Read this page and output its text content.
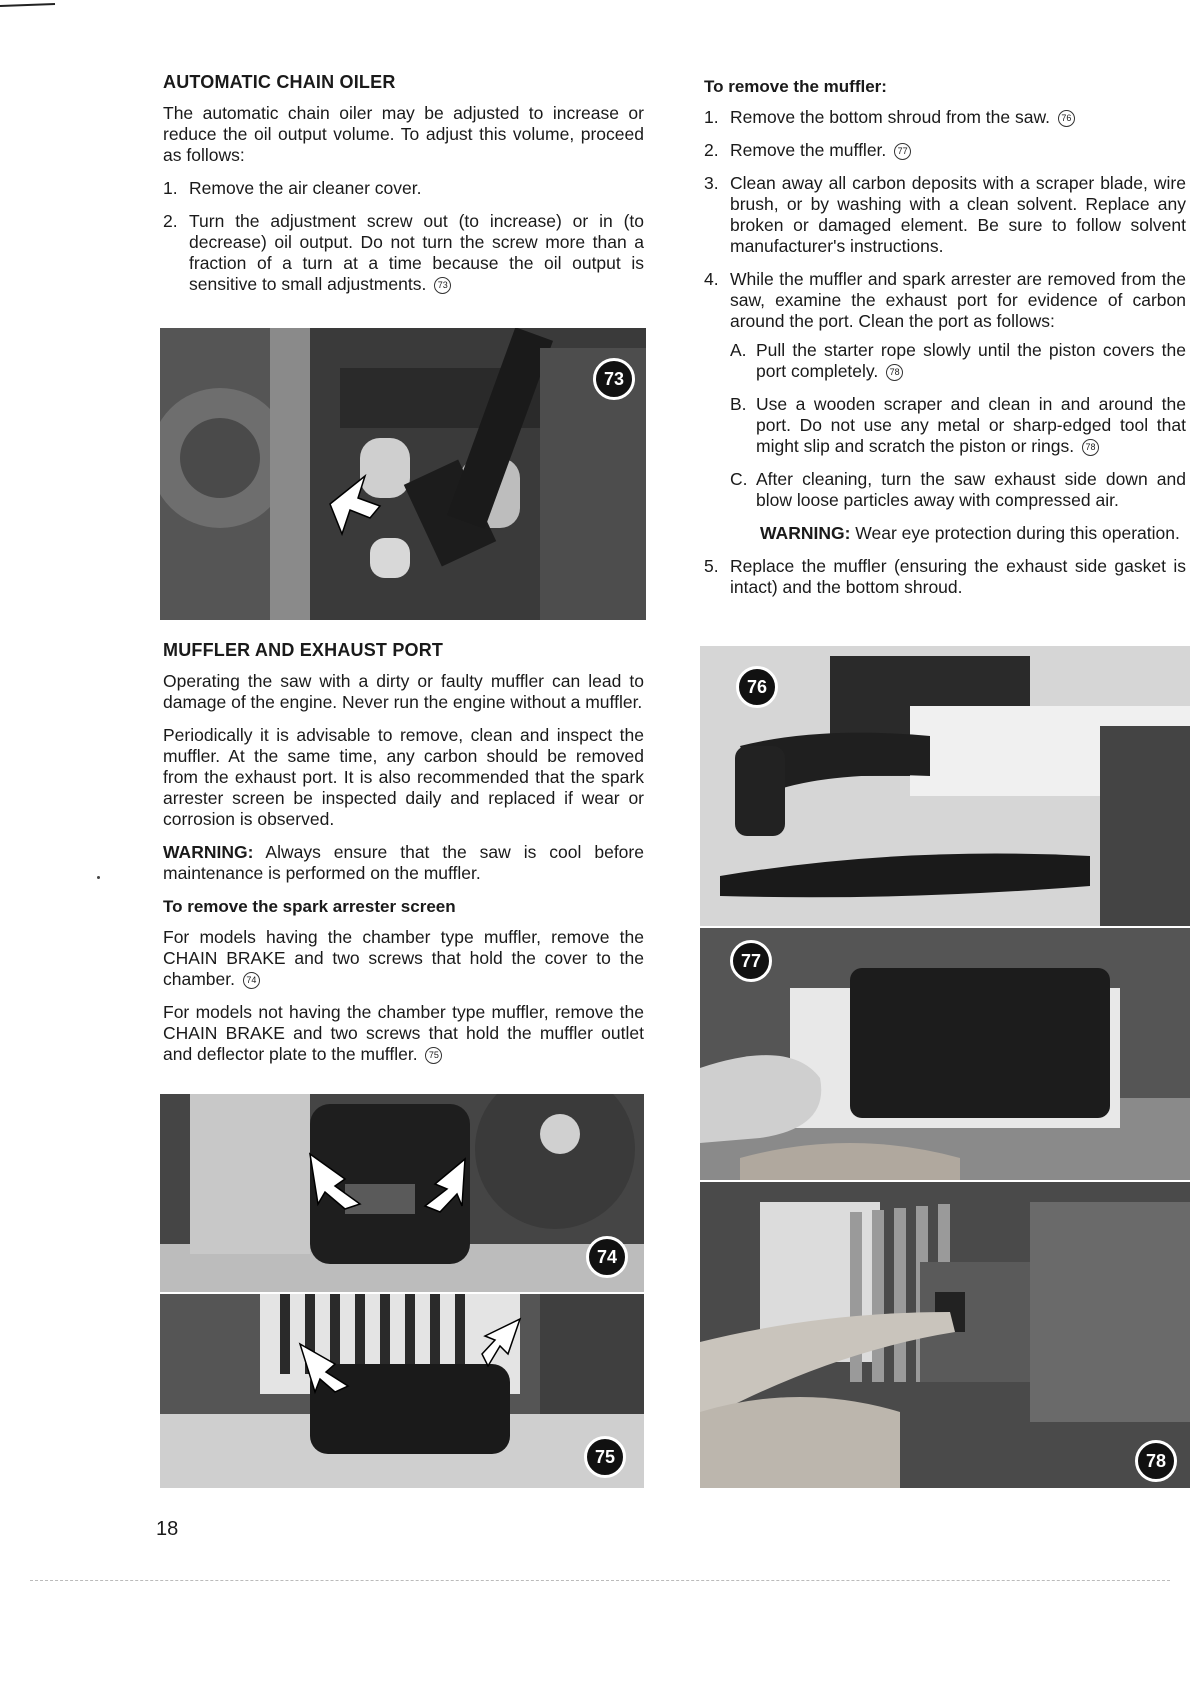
AUTOMATIC CHAIN OILER

The automatic chain oiler may be adjusted to increase or reduce the oil output volume. To adjust this volume, proceed as follows:

1. Remove the air cleaner cover.
2. Turn the adjustment screw out (to increase) or in (to decrease) oil output. Do not turn the screw more than a fraction of a turn at a time because the oil output is sensitive to small adjustments. 73
MUFFLER AND EXHAUST PORT

Operating the saw with a dirty or faulty muffler can lead to damage of the engine. Never run the engine without a muffler.

Periodically it is advisable to remove, clean and inspect the muffler. At the same time, any carbon should be removed from the exhaust port. It is also recommended that the spark arrester screen be inspected daily and replaced if wear or corrosion is observed.

WARNING: Always ensure that the saw is cool before maintenance is performed on the muffler.

To remove the spark arrester screen

For models having the chamber type muffler, remove the CHAIN BRAKE and two screws that hold the cover to the chamber. 74

For models not having the chamber type muffler, remove the CHAIN BRAKE and two screws that hold the muffler outlet and deflector plate to the muffler. 75

To remove the muffler:
1. Remove the bottom shroud from the saw. 76
2. Remove the muffler. 77
3. Clean away all carbon deposits with a scraper blade, wire brush, or by washing with a clean solvent. Replace any broken or damaged element. Be sure to follow solvent manufacturer's instructions.
4. While the muffler and spark arrester are removed from the saw, examine the exhaust port for evidence of carbon around the port. Clean the port as follows:
A. Pull the starter rope slowly until the piston covers the port completely. 78
B. Use a wooden scraper and clean in and around the port. Do not use any metal or sharp-edged tool that might slip and scratch the piston or rings. 78
C. After cleaning, turn the saw exhaust side down and blow loose particles away with compressed air.
WARNING: Wear eye protection during this operation.
5. Replace the muffler (ensuring the exhaust side gasket is intact) and the bottom shroud.
73
74
75
76
77
78
18
